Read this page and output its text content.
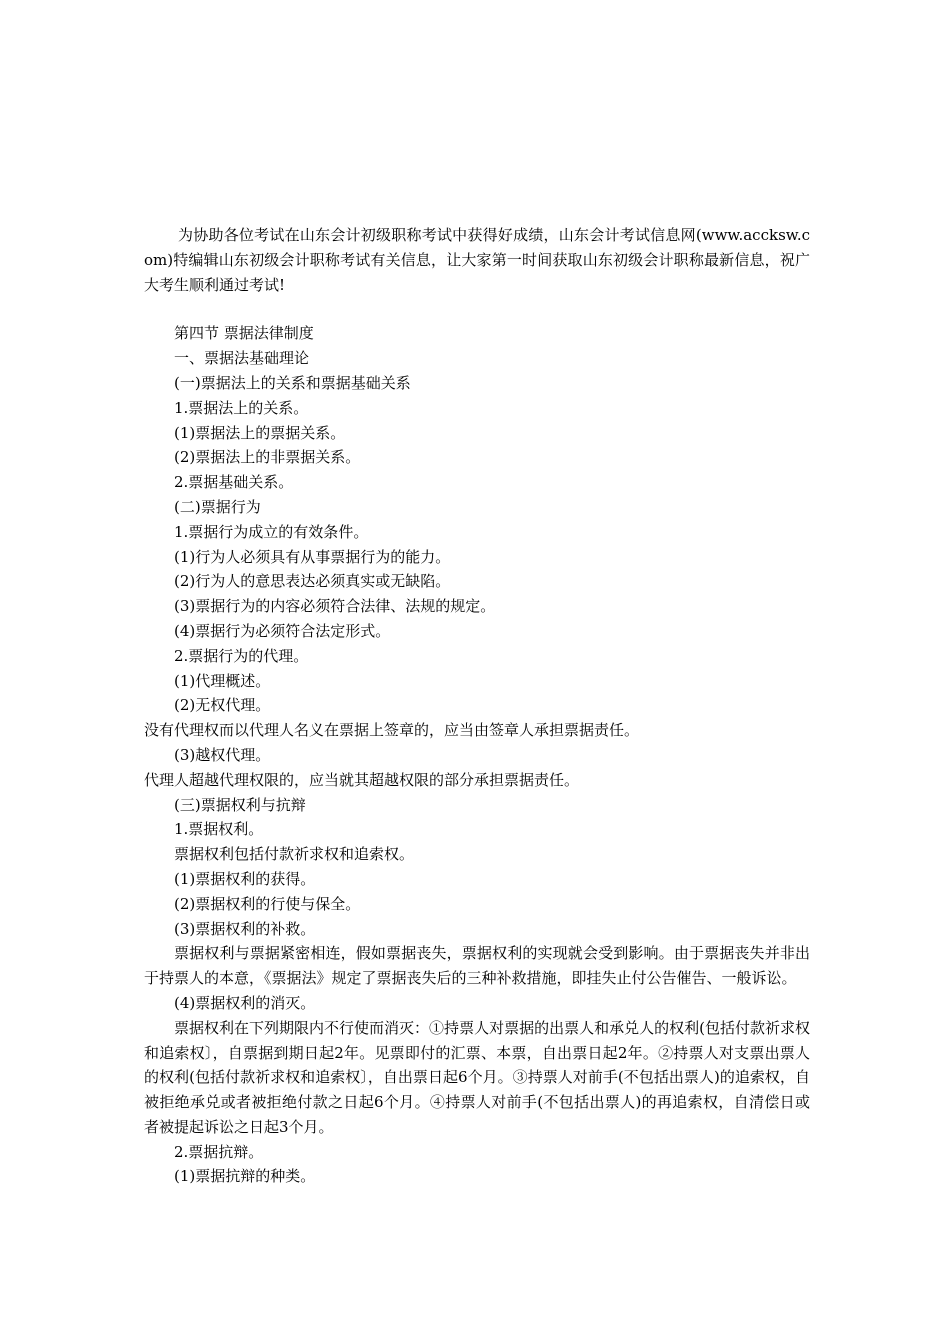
为协助各位考试在山东会计初级职称考试中获得好成绩，山东会计考试信息网(www.accksw.com)特编辑山东初级会计职称考试有关信息，让大家第一时间获取山东初级会计职称最新信息，祝广大考生顺利通过考试!

第四节 票据法律制度

一、票据法基础理论

(一)票据法上的关系和票据基础关系

1.票据法上的关系。

(1)票据法上的票据关系。

(2)票据法上的非票据关系。

2.票据基础关系。

(二)票据行为

1.票据行为成立的有效条件。

(1)行为人必须具有从事票据行为的能力。

(2)行为人的意思表达必须真实或无缺陷。

(3)票据行为的内容必须符合法律、法规的规定。

(4)票据行为必须符合法定形式。

2.票据行为的代理。

(1)代理概述。

(2)无权代理。

没有代理权而以代理人名义在票据上签章的，应当由签章人承担票据责任。

(3)越权代理。

代理人超越代理权限的，应当就其超越权限的部分承担票据责任。

(三)票据权利与抗辩

1.票据权利。

票据权利包括付款祈求权和追索权。

(1)票据权利的获得。

(2)票据权利的行使与保全。

(3)票据权利的补救。

票据权利与票据紧密相连，假如票据丧失，票据权利的实现就会受到影响。由于票据丧失并非出于持票人的本意，《票据法》规定了票据丧失后的三种补救措施，即挂失止付公告催告、一般诉讼。

(4)票据权利的消灭。

票据权利在下列期限内不行使而消灭：①持票人对票据的出票人和承兑人的权利(包括付款祈求权和追索权〕，自票据到期日起2年。见票即付的汇票、本票，自出票日起2年。②持票人对支票出票人的权利(包括付款祈求权和追索权〕，自出票日起6个月。③持票人对前手(不包括出票人)的追索权，自被拒绝承兑或者被拒绝付款之日起6个月。④持票人对前手(不包括出票人)的再追索权，自清偿日或者被提起诉讼之日起3个月。

2.票据抗辩。

(1)票据抗辩的种类。
